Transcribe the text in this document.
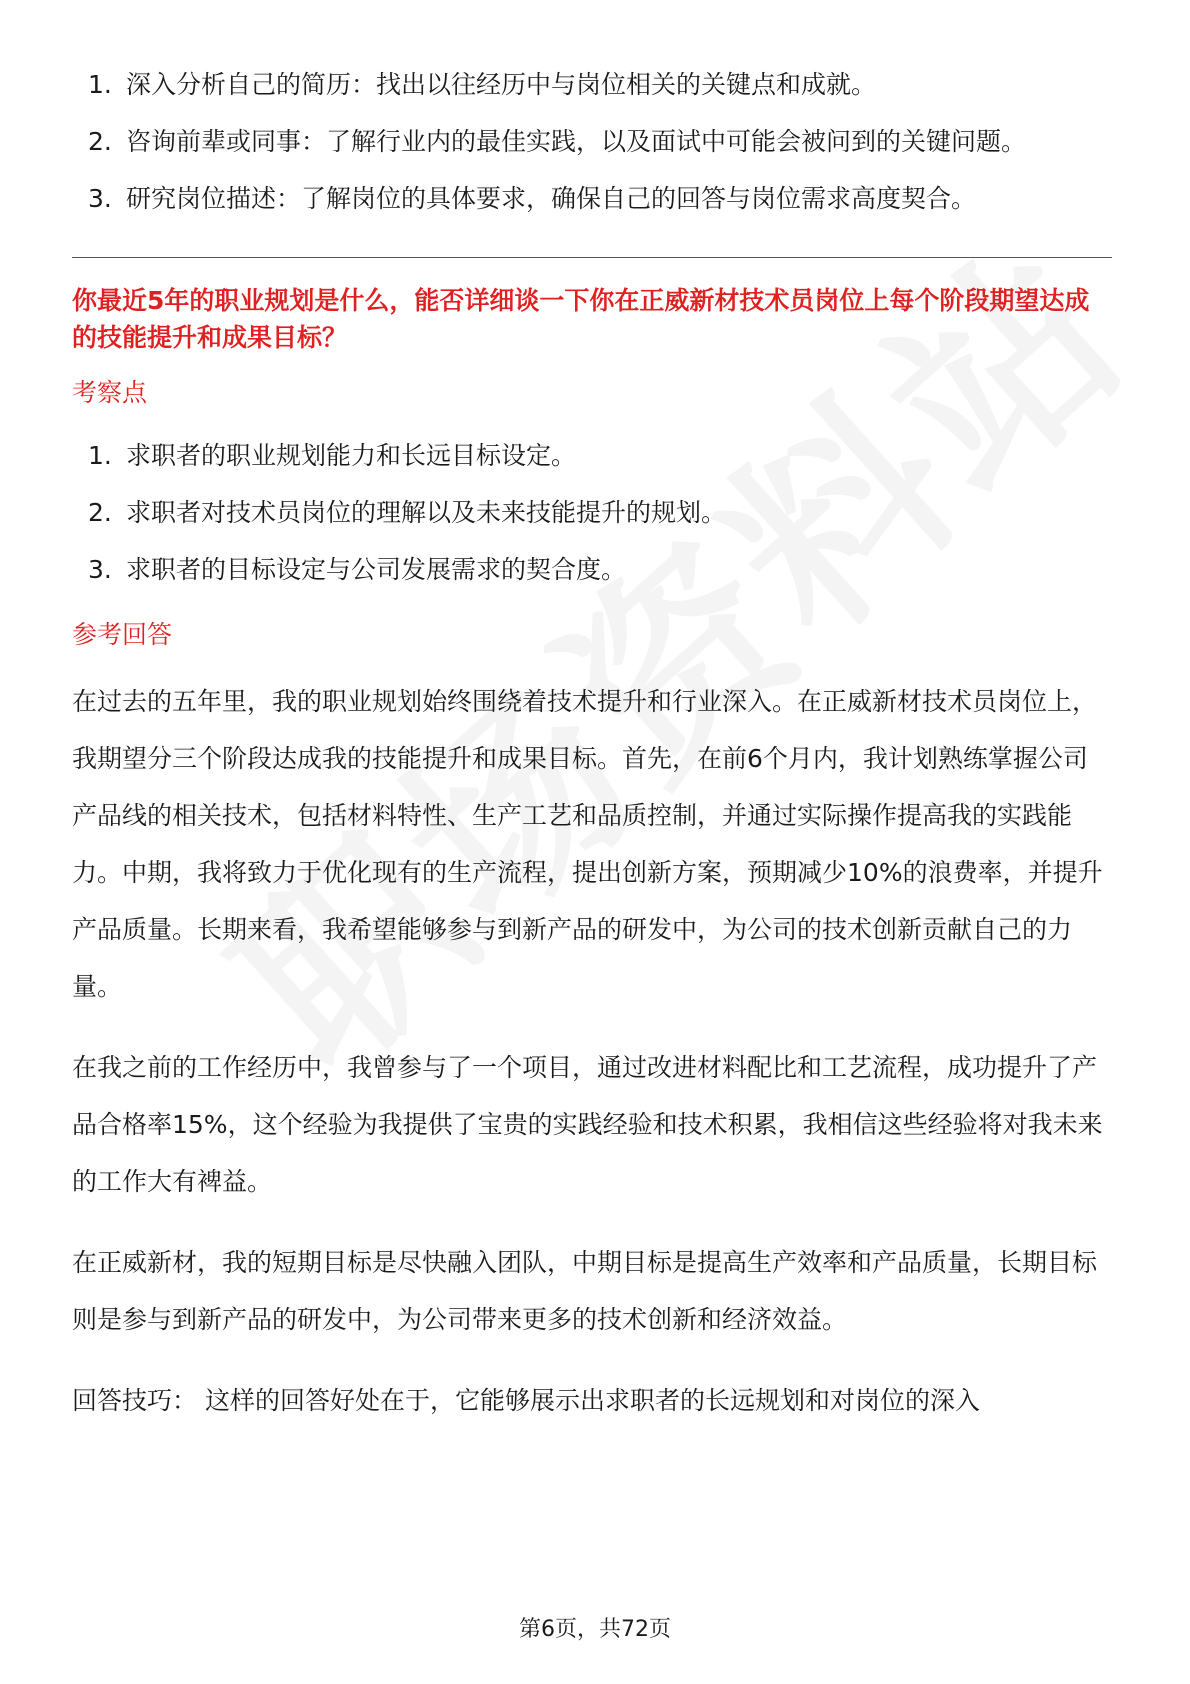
1. 深入分析自己的简历：找出以往经历中与岗位相关的关键点和成就。
2. 咨询前辈或同事：了解行业内的最佳实践，以及面试中可能会被问到的关键问题。
3. 研究岗位描述：了解岗位的具体要求，确保自己的回答与岗位需求高度契合。
你最近5年的职业规划是什么，能否详细谈一下你在正威新材技术员岗位上每个阶段期望达成的技能提升和成果目标？
考察点
1. 求职者的职业规划能力和长远目标设定。
2. 求职者对技术员岗位的理解以及未来技能提升的规划。
3. 求职者的目标设定与公司发展需求的契合度。
参考回答

在过去的五年里，我的职业规划始终围绕着技术提升和行业深入。在正威新材技术员岗位上，我期望分三个阶段达成我的技能提升和成果目标。首先，在前6个月内，我计划熟练掌握公司产品线的相关技术，包括材料特性、生产工艺和品质控制，并通过实际操作提高我的实践能力。中期，我将致力于优化现有的生产流程，提出创新方案，预期减少10%的浪费率，并提升产品质量。长期来看，我希望能够参与到新产品的研发中，为公司的技术创新贡献自己的力量。

在我之前的工作经历中，我曾参与了一个项目，通过改进材料配比和工艺流程，成功提升了产品合格率15%，这个经验为我提供了宝贵的实践经验和技术积累，我相信这些经验将对我未来的工作大有裨益。

在正威新材，我的短期目标是尽快融入团队，中期目标是提高生产效率和产品质量，长期目标则是参与到新产品的研发中，为公司带来更多的技术创新和经济效益。

回答技巧： 这样的回答好处在于，它能够展示出求职者的长远规划和对岗位的深入

第6页，共72页
